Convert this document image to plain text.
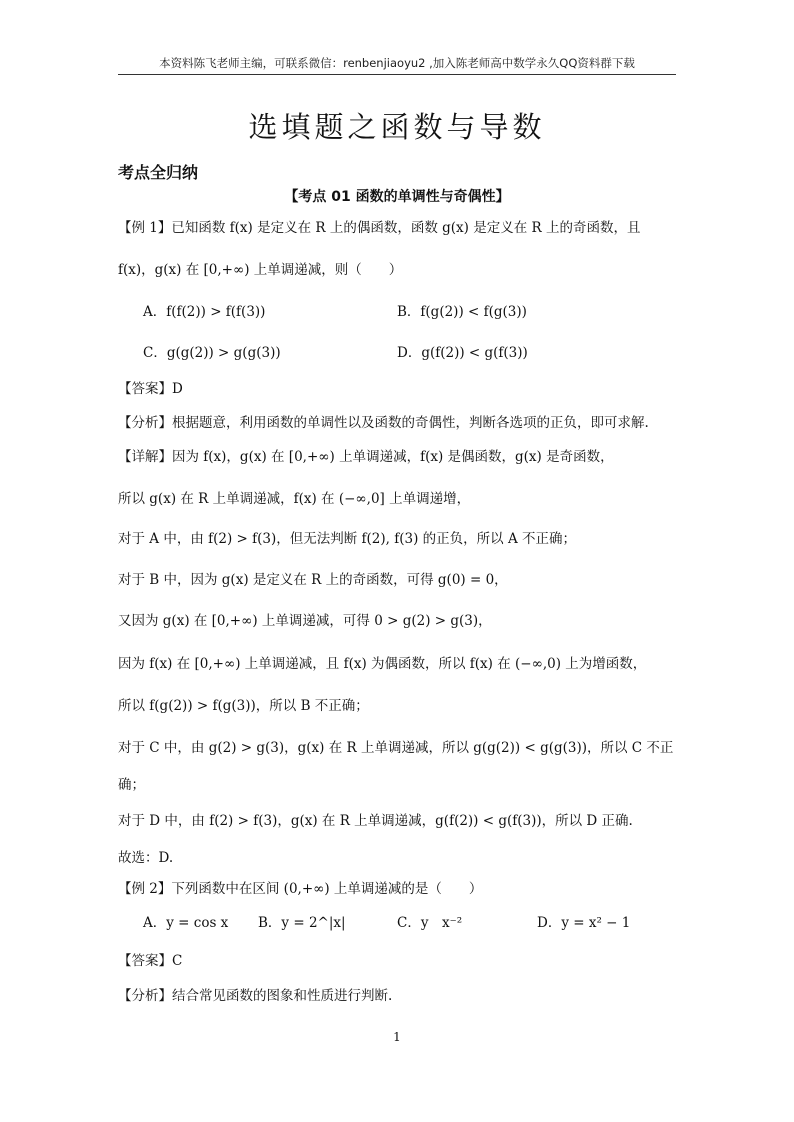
本资料陈飞老师主编，可联系微信：renbenjiaoyu2 ,加入陈老师高中数学永久QQ资料群下载
选填题之函数与导数
考点全归纳
【考点 01 函数的单调性与奇偶性】
【例 1】已知函数 f(x) 是定义在 R 上的偶函数，函数 g(x) 是定义在 R 上的奇函数，且
f(x)，g(x) 在 [0,+∞) 上单调递减，则（　　）
A．f(f(2)) > f(f(3))	B．f(g(2)) < f(g(3))
C．g(g(2)) > g(g(3))	D．g(f(2)) < g(f(3))
【答案】D
【分析】根据题意，利用函数的单调性以及函数的奇偶性，判断各选项的正负，即可求解.
【详解】因为 f(x)，g(x) 在 [0,+∞) 上单调递减，f(x) 是偶函数，g(x) 是奇函数，
所以 g(x) 在 R 上单调递减，f(x) 在 (−∞,0] 上单调递增，
对于 A 中，由 f(2) > f(3)，但无法判断 f(2), f(3) 的正负，所以 A 不正确；
对于 B 中，因为 g(x) 是定义在 R 上的奇函数，可得 g(0) = 0，
又因为 g(x) 在 [0,+∞) 上单调递减，可得 0 > g(2) > g(3)，
因为 f(x) 在 [0,+∞) 上单调递减，且 f(x) 为偶函数，所以 f(x) 在 (−∞,0) 上为增函数，
所以 f(g(2)) > f(g(3))，所以 B 不正确；
对于 C 中，由 g(2) > g(3)，g(x) 在 R 上单调递减，所以 g(g(2)) < g(g(3))，所以 C 不正
确；
对于 D 中，由 f(2) > f(3)，g(x) 在 R 上单调递减，g(f(2)) < g(f(3))，所以 D 正确.
故选：D.
【例 2】下列函数中在区间 (0,+∞) 上单调递减的是（　　）
A．y = cos x B．y = 2^|x|	C．y　x⁻²	D．y = x² − 1
【答案】C
【分析】结合常见函数的图象和性质进行判断.
1
